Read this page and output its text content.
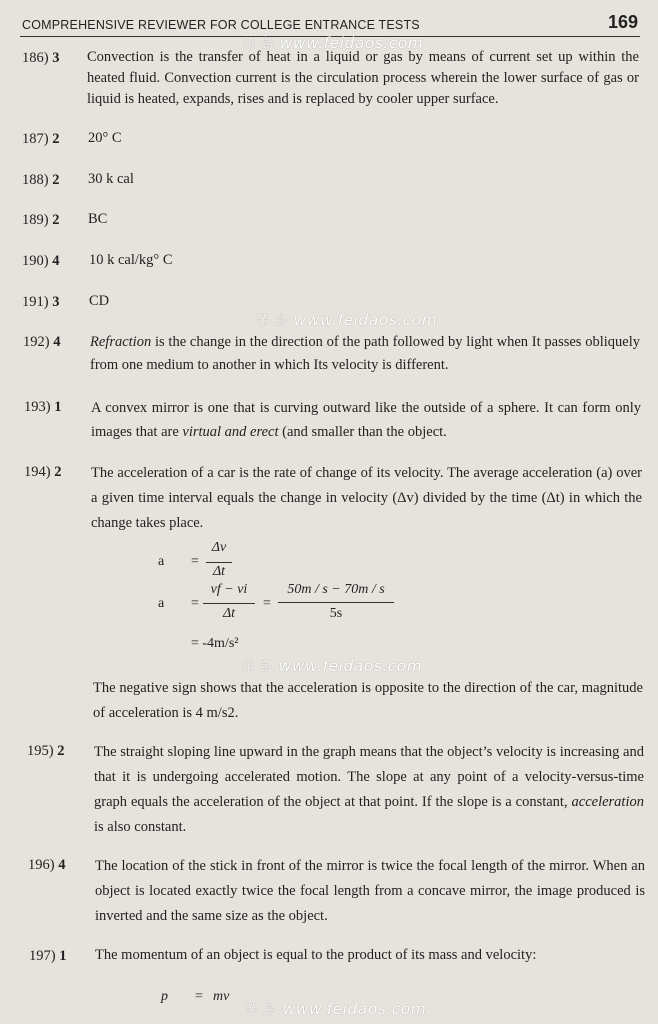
COMPREHENSIVE REVIEWER FOR COLLEGE ENTRANCE TESTS	169
186) 3 Convection is the transfer of heat in a liquid or gas by means of current set up within the heated fluid. Convection current is the circulation process wherein the lower surface of gas or liquid is heated, expands, rises and is replaced by cooler upper surface.
187) 2 20° C
188) 2 30 k cal
189) 2 BC
190) 4 10 k cal/kg° C
191) 3 CD
192) 4 Refraction is the change in the direction of the path followed by light when It passes obliquely from one medium to another in which Its velocity is different.
193) 1 A convex mirror is one that is curving outward like the outside of a sphere. It can form only images that are virtual and erect (and smaller than the object.
194) 2 The acceleration of a car is the rate of change of its velocity. The average acceleration (a) over a given time interval equals the change in velocity (Δv) divided by the time (Δt) in which the change takes place.
a =
Δv
Δt
a =
vf − vi
Δt
=
50m / s − 70m / s
5s
= -4m/s²
The negative sign shows that the acceleration is opposite to the direction of the car, magnitude of acceleration is 4 m/s2.
195) 2 The straight sloping line upward in the graph means that the object’s velocity is increasing and that it is undergoing accelerated motion. The slope at any point of a velocity-versus-time graph equals the acceleration of the object at that point. If the slope is a constant, acceleration is also constant.
196) 4 The location of the stick in front of the mirror is twice the focal length of the mirror. When an object is located exactly twice the focal length from a concave mirror, the image produced is inverted and the same size as the object.
197) 1 The momentum of an object is equal to the product of its mass and velocity:
p = mv
菲 島 www.feidaos.com
菲 島 www.feidaos.com
菲 島 www.feidaos.com
菲 島 www.feidaos.com
